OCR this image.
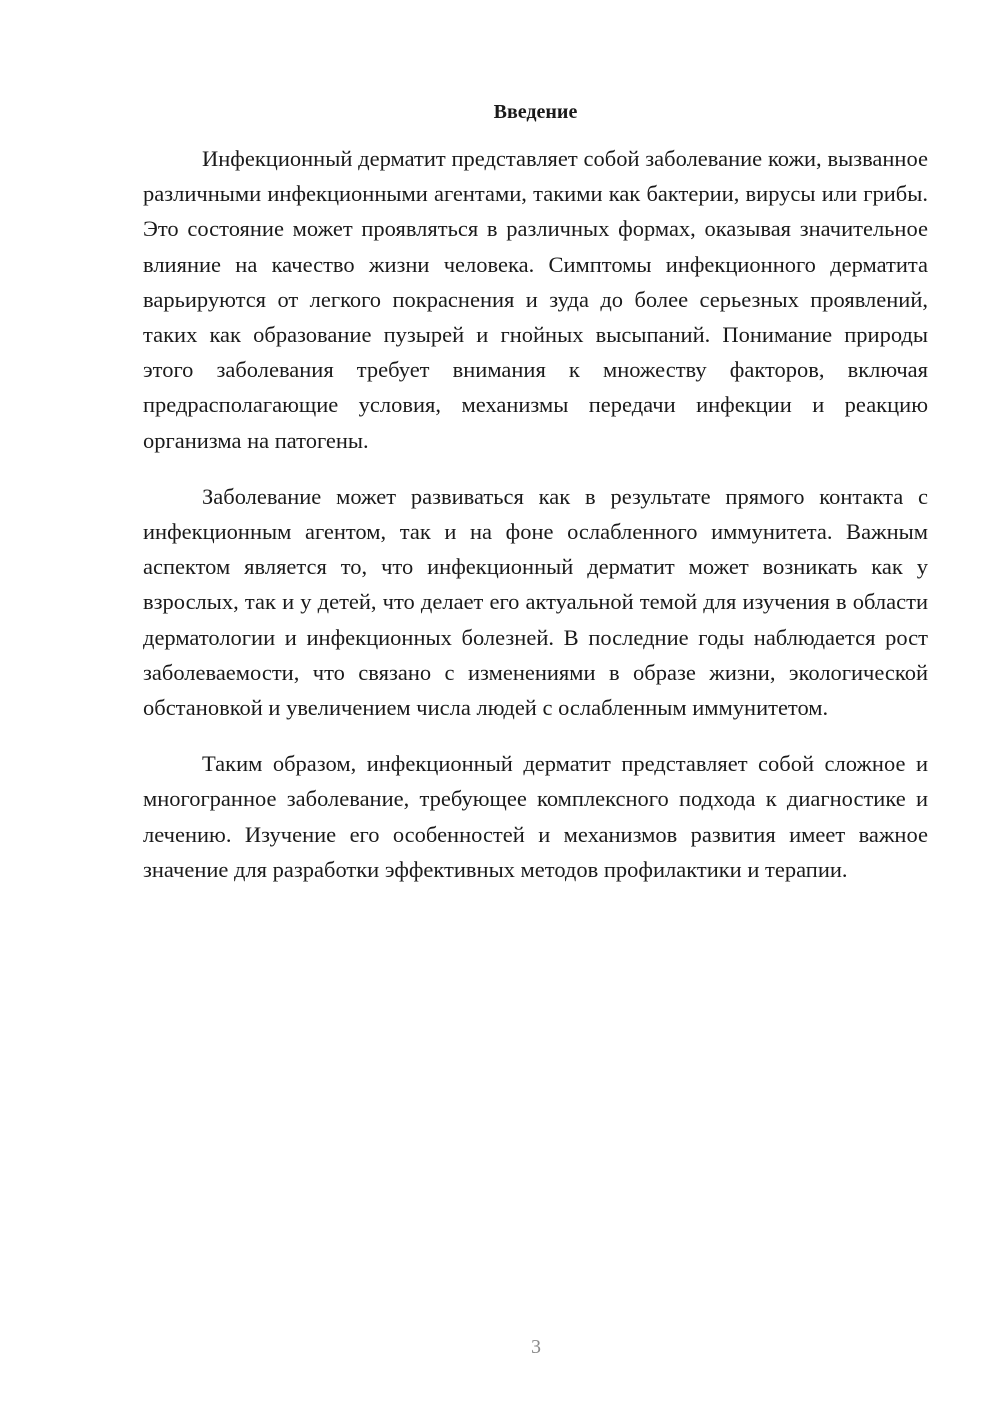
Введение

Инфекционный дерматит представляет собой заболевание кожи, вызванное различными инфекционными агентами, такими как бактерии, вирусы или грибы. Это состояние может проявляться в различных формах, оказывая значительное влияние на качество жизни человека. Симптомы инфекционного дерматита варьируются от легкого покраснения и зуда до более серьезных проявлений, таких как образование пузырей и гнойных высыпаний. Понимание природы этого заболевания требует внимания к множеству факторов, включая предрасполагающие условия, механизмы передачи инфекции и реакцию организма на патогены.

Заболевание может развиваться как в результате прямого контакта с инфекционным агентом, так и на фоне ослабленного иммунитета. Важным аспектом является то, что инфекционный дерматит может возникать как у взрослых, так и у детей, что делает его актуальной темой для изучения в области дерматологии и инфекционных болезней. В последние годы наблюдается рост заболеваемости, что связано с изменениями в образе жизни, экологической обстановкой и увеличением числа людей с ослабленным иммунитетом.

Таким образом, инфекционный дерматит представляет собой сложное и многогранное заболевание, требующее комплексного подхода к диагностике и лечению. Изучение его особенностей и механизмов развития имеет важное значение для разработки эффективных методов профилактики и терапии.

3
